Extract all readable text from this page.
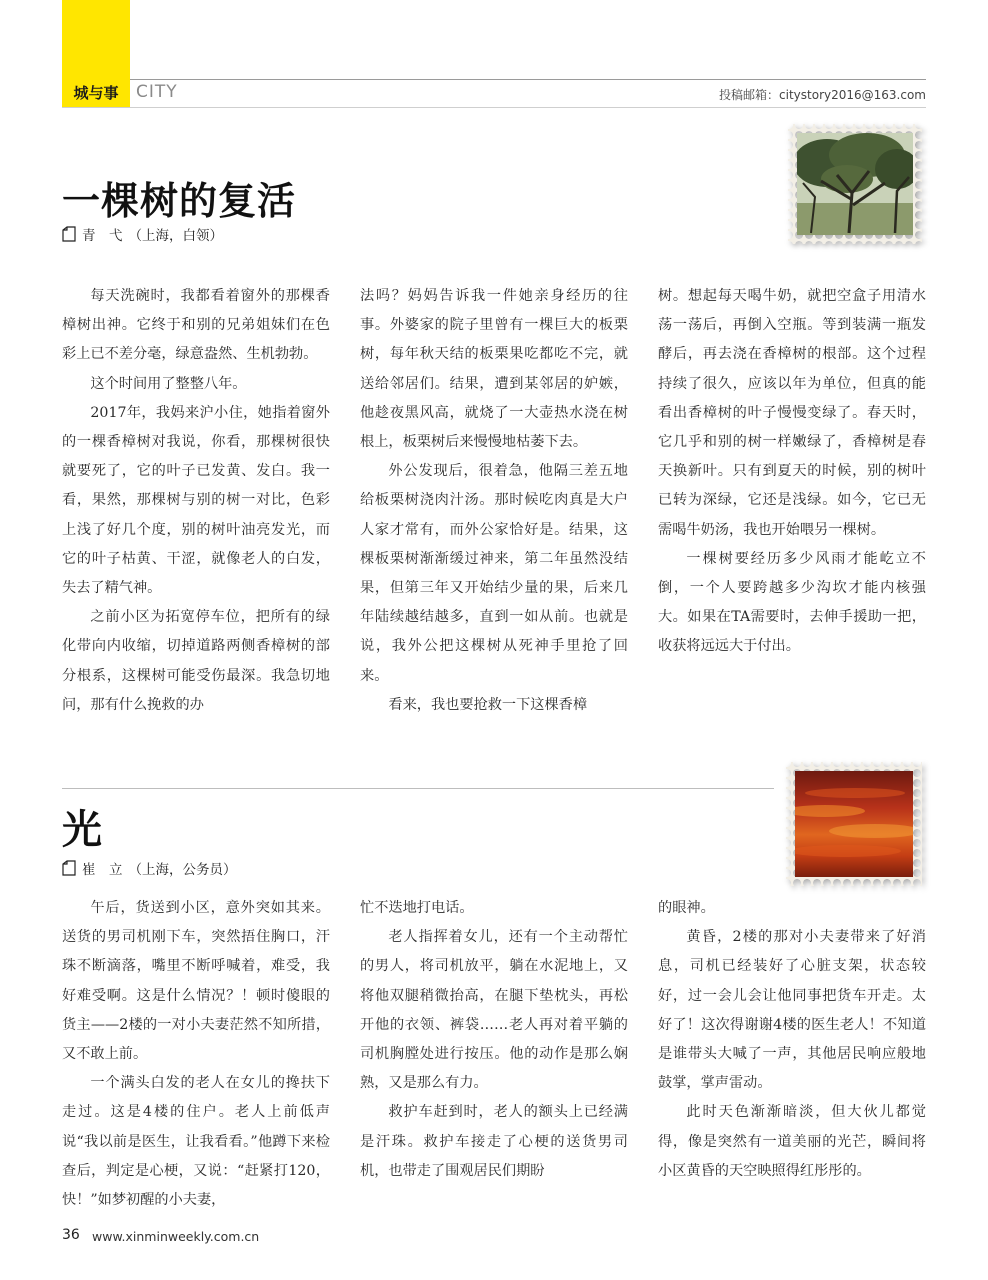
城与事	CITY	投稿邮箱：citystory2016@163.com
一棵树的复活
青　弋 （上海，白领）

每天洗碗时，我都看着窗外的那棵香樟树出神。它终于和别的兄弟姐妹们在色彩上已不差分毫，绿意盎然、生机勃勃。

这个时间用了整整八年。

2017年，我妈来沪小住，她指着窗外的一棵香樟树对我说，你看，那棵树很快就要死了，它的叶子已发黄、发白。我一看，果然，那棵树与别的树一对比，色彩上浅了好几个度，别的树叶油亮发光，而它的叶子枯黄、干涩，就像老人的白发，失去了精气神。

之前小区为拓宽停车位，把所有的绿化带向内收缩，切掉道路两侧香樟树的部分根系，这棵树可能受伤最深。我急切地问，那有什么挽救的办

法吗？妈妈告诉我一件她亲身经历的往事。外婆家的院子里曾有一棵巨大的板栗树，每年秋天结的板栗果吃都吃不完，就送给邻居们。结果，遭到某邻居的妒嫉，他趁夜黑风高，就烧了一大壶热水浇在树根上，板栗树后来慢慢地枯萎下去。

外公发现后，很着急，他隔三差五地给板栗树浇肉汁汤。那时候吃肉真是大户人家才常有，而外公家恰好是。结果，这棵板栗树渐渐缓过神来，第二年虽然没结果，但第三年又开始结少量的果，后来几年陆续越结越多，直到一如从前。也就是说，我外公把这棵树从死神手里抢了回来。

看来，我也要抢救一下这棵香樟

树。想起每天喝牛奶，就把空盒子用清水荡一荡后，再倒入空瓶。等到装满一瓶发酵后，再去浇在香樟树的根部。这个过程持续了很久，应该以年为单位，但真的能看出香樟树的叶子慢慢变绿了。春天时，它几乎和别的树一样嫩绿了，香樟树是春天换新叶。只有到夏天的时候，别的树叶已转为深绿，它还是浅绿。如今，它已无需喝牛奶汤，我也开始喂另一棵树。

一棵树要经历多少风雨才能屹立不倒，一个人要跨越多少沟坎才能内核强大。如果在TA需要时，去伸手援助一把，收获将远远大于付出。

光
崔　立 （上海，公务员）

午后，货送到小区，意外突如其来。送货的男司机刚下车，突然捂住胸口，汗珠不断滴落，嘴里不断呼喊着，难受，我好难受啊。这是什么情况？！顿时傻眼的货主——2楼的一对小夫妻茫然不知所措，又不敢上前。

一个满头白发的老人在女儿的搀扶下走过。这是4楼的住户。老人上前低声说“我以前是医生，让我看看。”他蹲下来检查后，判定是心梗，又说：“赶紧打120，快！”如梦初醒的小夫妻，

忙不迭地打电话。

老人指挥着女儿，还有一个主动帮忙的男人，将司机放平，躺在水泥地上，又将他双腿稍微抬高，在腿下垫枕头，再松开他的衣领、裤袋……老人再对着平躺的司机胸膛处进行按压。他的动作是那么娴熟，又是那么有力。

救护车赶到时，老人的额头上已经满是汗珠。救护车接走了心梗的送货男司机，也带走了围观居民们期盼

的眼神。

黄昏，2楼的那对小夫妻带来了好消息，司机已经装好了心脏支架，状态较好，过一会儿会让他同事把货车开走。太好了！这次得谢谢4楼的医生老人！不知道是谁带头大喊了一声，其他居民响应般地鼓掌，掌声雷动。

此时天色渐渐暗淡，但大伙儿都觉得，像是突然有一道美丽的光芒，瞬间将小区黄昏的天空映照得红彤彤的。

36 www.xinminweekly.com.cn
